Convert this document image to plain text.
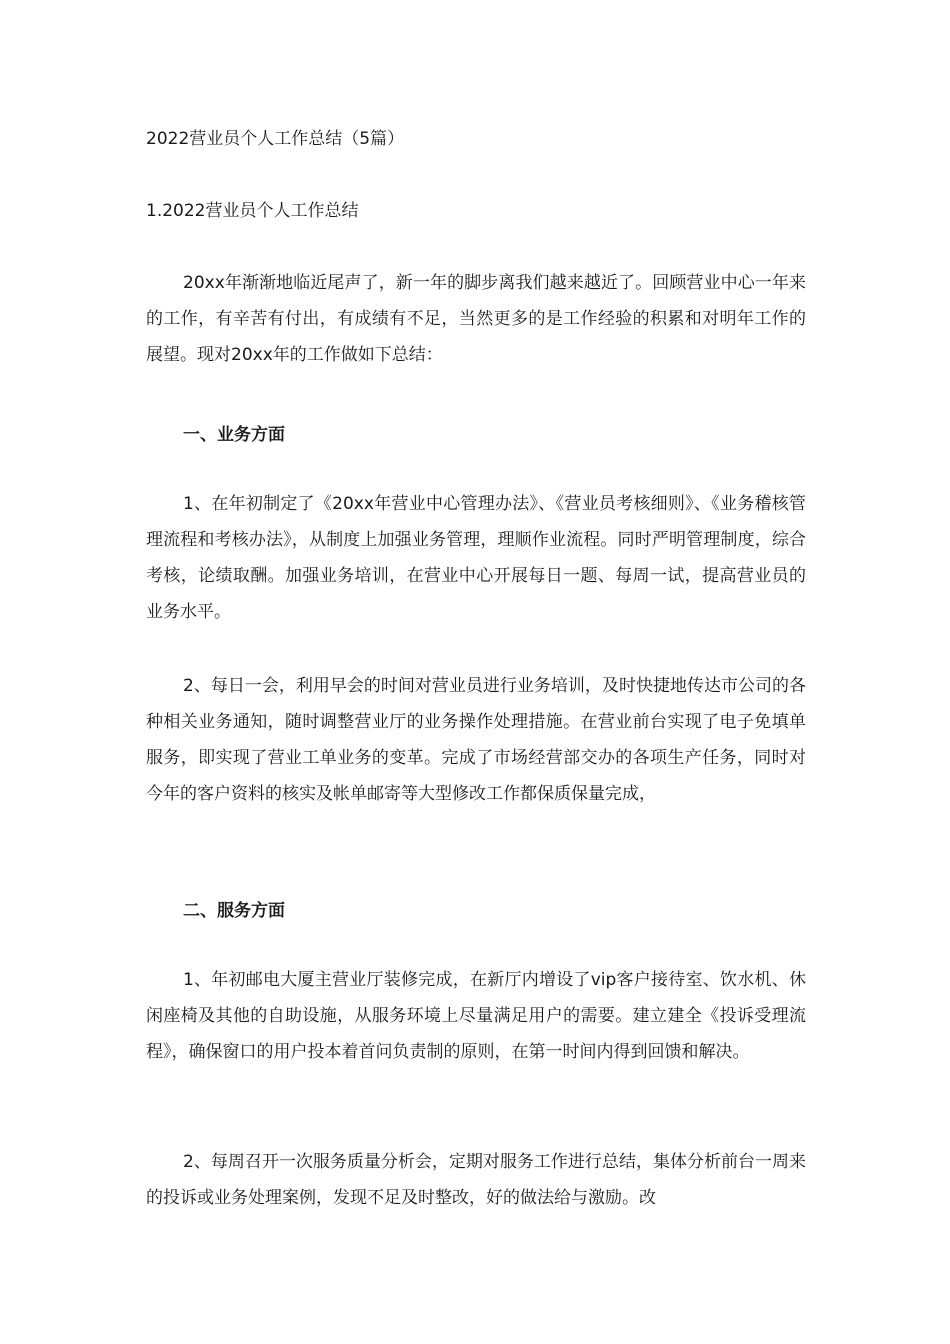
2022营业员个人工作总结（5篇）
1.2022营业员个人工作总结

20xx年渐渐地临近尾声了，新一年的脚步离我们越来越近了。回顾营业中心一年来的工作，有辛苦有付出，有成绩有不足，当然更多的是工作经验的积累和对明年工作的展望。现对20xx年的工作做如下总结：

一、业务方面

1、在年初制定了《20xx年营业中心管理办法》、《营业员考核细则》、《业务稽核管理流程和考核办法》，从制度上加强业务管理，理顺作业流程。同时严明管理制度，综合考核，论绩取酬。加强业务培训，在营业中心开展每日一题、每周一试，提高营业员的业务水平。

2、每日一会，利用早会的时间对营业员进行业务培训，及时快捷地传达市公司的各种相关业务通知，随时调整营业厅的业务操作处理措施。在营业前台实现了电子免填单服务，即实现了营业工单业务的变革。完成了市场经营部交办的各项生产任务，同时对今年的客户资料的核实及帐单邮寄等大型修改工作都保质保量完成，

二、服务方面

1、年初邮电大厦主营业厅装修完成，在新厅内增设了vip客户接待室、饮水机、休闲座椅及其他的自助设施，从服务环境上尽量满足用户的需要。建立建全《投诉受理流程》，确保窗口的用户投本着首问负责制的原则，在第一时间内得到回馈和解决。

2、每周召开一次服务质量分析会，定期对服务工作进行总结，集体分析前台一周来的投诉或业务处理案例，发现不足及时整改，好的做法给与激励。改
